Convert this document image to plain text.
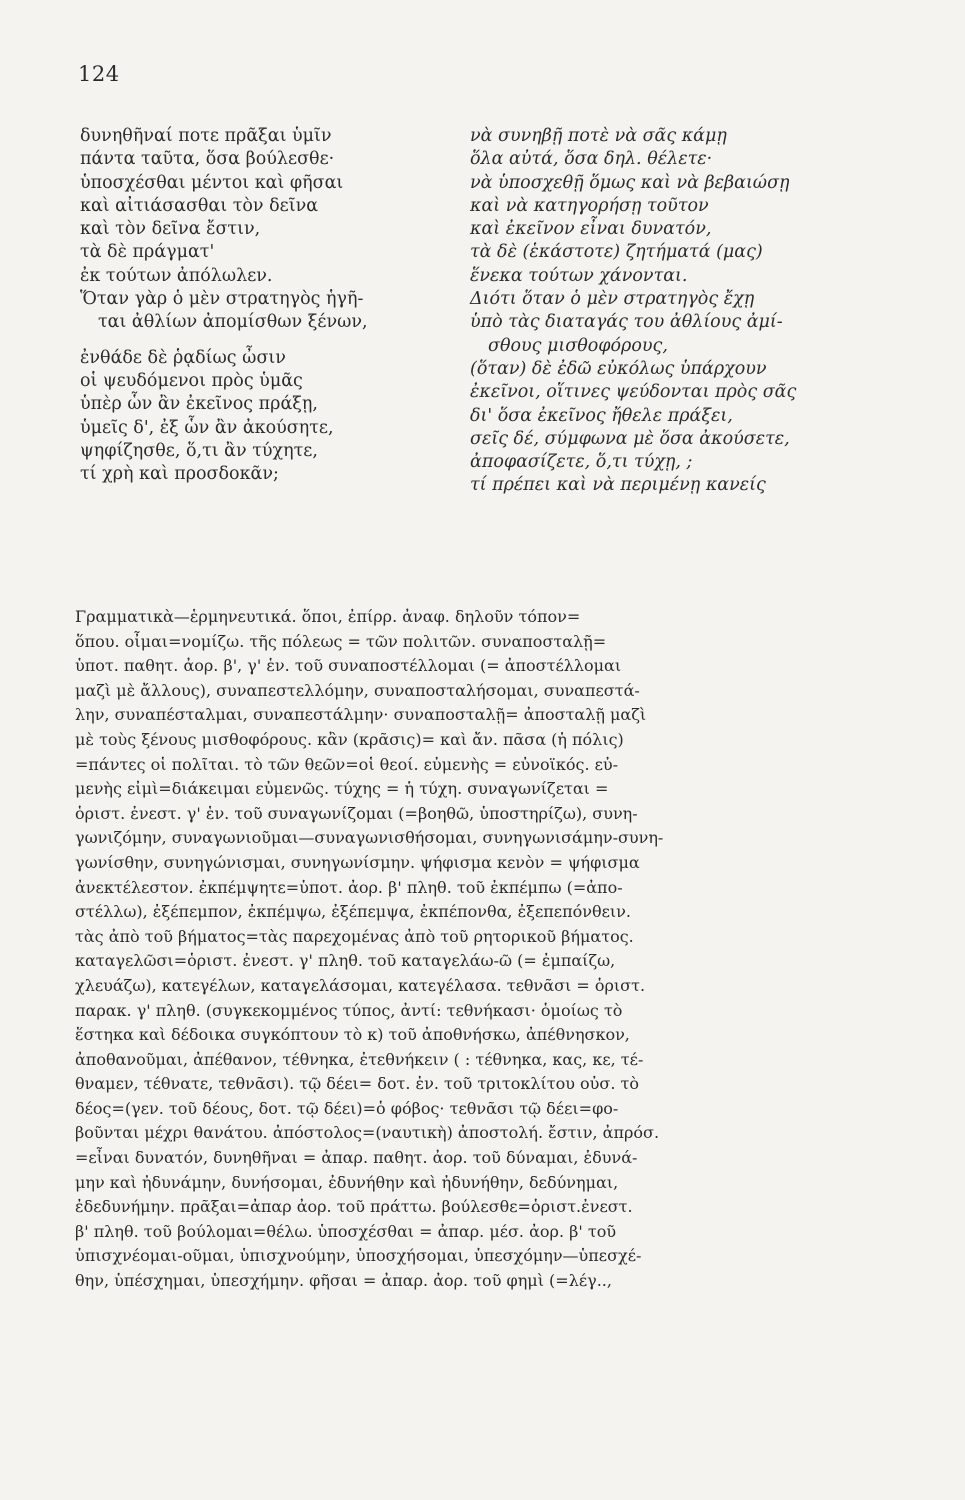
124
δυνηθῆναί ποτε πρᾶξαι ὑμῖν
πάντα ταῦτα, ὅσα βούλεσθε·
ὑποσχέσθαι μέντοι καὶ φῆσαι
καὶ αἰτιάσασθαι τὸν δεῖνα
καὶ τὸν δεῖνα ἔστιν,
τὰ δὲ πράγματ'
ἐκ τούτων ἀπόλωλεν.
Ὅταν γὰρ ὁ μὲν στρατηγὸς ἡγῆ-
ται ἀθλίων ἀπομίσθων ξένων,
ἐνθάδε δὲ ῥᾳδίως ὦσιν
οἱ ψευδόμενοι πρὸς ὑμᾶς
ὑπὲρ ὧν ἂν ἐκεῖνος πράξῃ,
ὑμεῖς δ', ἐξ ὧν ἂν ἀκούσητε,
ψηφίζησθε, ὅ,τι ἂν τύχητε,
τί χρὴ καὶ προσδοκᾶν;
νὰ συνηβῇ ποτὲ νὰ σᾶς κάμῃ
ὅλα αὐτά, ὅσα δηλ. θέλετε·
νὰ ὑποσχεθῇ ὅμως καὶ νὰ βεβαιώσῃ
καὶ νὰ κατηγορήσῃ τοῦτον
καὶ ἐκεῖνον εἶναι δυνατόν,
τὰ δὲ (ἑκάστοτε) ζητήματά (μας)
ἕνεκα τούτων χάνονται.
Διότι ὅταν ὁ μὲν στρατηγὸς ἔχῃ
ὑπὸ τὰς διαταγάς του ἀθλίους ἀμί-
σθους μισθοφόρους,
(ὅταν) δὲ ἐδῶ εὐκόλως ὑπάρχουν
ἐκεῖνοι, οἵτινες ψεύδονται πρὸς σᾶς
δι' ὅσα ἐκεῖνος ἤθελε πράξει,
σεῖς δέ, σύμφωνα μὲ ὅσα ἀκούσετε,
ἀποφασίζετε, ὅ,τι τύχῃ, ;
τί πρέπει καὶ νὰ περιμένῃ κανείς
Γραμματικὰ—ἑρμηνευτικά. ὅποι, ἐπίρρ. ἀναφ. δηλοῦν τόπον=
ὅπου. οἶμαι=νομίζω. τῆς πόλεως = τῶν πολιτῶν. συναποσταλῇ=
ὑποτ. παθητ. ἀορ. β', γ' ἑν. τοῦ συναποστέλλομαι (= ἀποστέλλομαι
μαζὶ μὲ ἄλλους), συναπεστελλόμην, συναποσταλήσομαι, συναπεστά-
λην, συναπέσταλμαι, συναπεστάλμην· συναποσταλῇ= ἀποσταλῇ μαζὶ
μὲ τοὺς ξένους μισθοφόρους. κἂν (κρᾶσις)= καὶ ἄν. πᾶσα (ἡ πόλις)
=πάντες οἱ πολῖται. τὸ τῶν θεῶν=οἱ θεοί. εὐμενὴς = εὐνοϊκός. εὐ-
μενὴς εἰμὶ=διάκειμαι εὐμενῶς. τύχης = ἡ τύχη. συναγωνίζεται =
ὁριστ. ἐνεστ. γ' ἑν. τοῦ συναγωνίζομαι (=βοηθῶ, ὑποστηρίζω), συνη-
γωνιζόμην, συναγωνιοῦμαι—συναγωνισθήσομαι, συνηγωνισάμην-συνη-
γωνίσθην, συνηγώνισμαι, συνηγωνίσμην. ψήφισμα κενὸν = ψήφισμα
ἀνεκτέλεστον. ἐκπέμψητε=ὑποτ. ἀορ. β' πληθ. τοῦ ἐκπέμπω (=ἀπο-
στέλλω), ἐξέπεμπον, ἐκπέμψω, ἐξέπεμψα, ἐκπέπονθα, ἐξεπεπόνθειν.
τὰς ἀπὸ τοῦ βήματος=τὰς παρεχομένας ἀπὸ τοῦ ρητορικοῦ βήματος.
καταγελῶσι=ὁριστ. ἐνεστ. γ' πληθ. τοῦ καταγελάω-ῶ (= ἐμπαίζω,
χλευάζω), κατεγέλων, καταγελάσομαι, κατεγέλασα. τεθνᾶσι = ὁριστ.
παρακ. γ' πληθ. (συγκεκομμένος τύπος, ἀντί: τεθνήκασι· ὁμοίως τὸ
ἕστηκα καὶ δέδοικα συγκόπτουν τὸ κ) τοῦ ἀποθνήσκω, ἀπέθνησκον,
ἀποθανοῦμαι, ἀπέθανον, τέθνηκα, ἐτεθνήκειν ( : τέθνηκα, κας, κε, τέ-
θναμεν, τέθνατε, τεθνᾶσι). τῷ δέει= δοτ. ἑν. τοῦ τριτοκλίτου οὐσ. τὸ
δέος=(γεν. τοῦ δέους, δοτ. τῷ δέει)=ὁ φόβος· τεθνᾶσι τῷ δέει=φο-
βοῦνται μέχρι θανάτου. ἀπόστολος=(ναυτικὴ) ἀποστολή. ἔστιν, ἀπρόσ.
=εἶναι δυνατόν, δυνηθῆναι = ἀπαρ. παθητ. ἀορ. τοῦ δύναμαι, ἐδυνά-
μην καὶ ἠδυνάμην, δυνήσομαι, ἐδυνήθην καὶ ἠδυνήθην, δεδύνημαι,
ἐδεδυνήμην. πρᾶξαι=ἀπαρ ἀορ. τοῦ πράττω. βούλεσθε=ὁριστ.ἐνεστ.
β' πληθ. τοῦ βούλομαι=θέλω. ὑποσχέσθαι = ἀπαρ. μέσ. ἀορ. β' τοῦ
ὑπισχνέομαι-οῦμαι, ὑπισχνούμην, ὑποσχήσομαι, ὑπεσχόμην—ὑπεσχέ-
θην, ὑπέσχημαι, ὑπεσχήμην. φῆσαι = ἀπαρ. ἀορ. τοῦ φημὶ (=λέγ..,
